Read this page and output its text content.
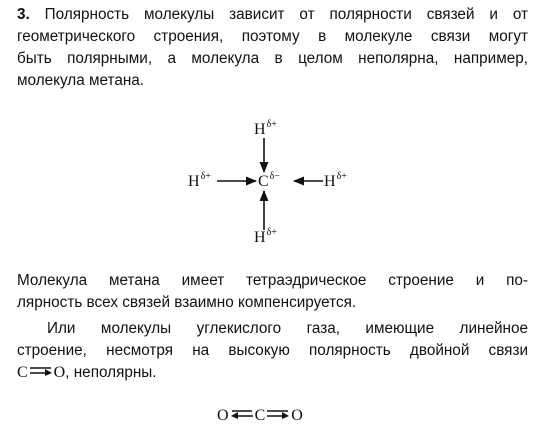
3. Полярность молекулы зависит от полярности связей и от
геометрического строения, поэтому в молекуле связи могут
быть полярными, а молекула в целом неполярна, например,
молекула метана.
$H^{\delta+}$
$H^{\delta+}$	$C^{\delta-}$	$H^{\delta+}$
$H^{\delta+}$
Молекула метана имеет тетраэдрическое строение и по-
лярность всех связей взаимно компенсируется.
Или молекулы углекислого газа, имеющие линейное
строение, несмотря на высокую полярность двойной связи
C O, неполярны.
O C O
